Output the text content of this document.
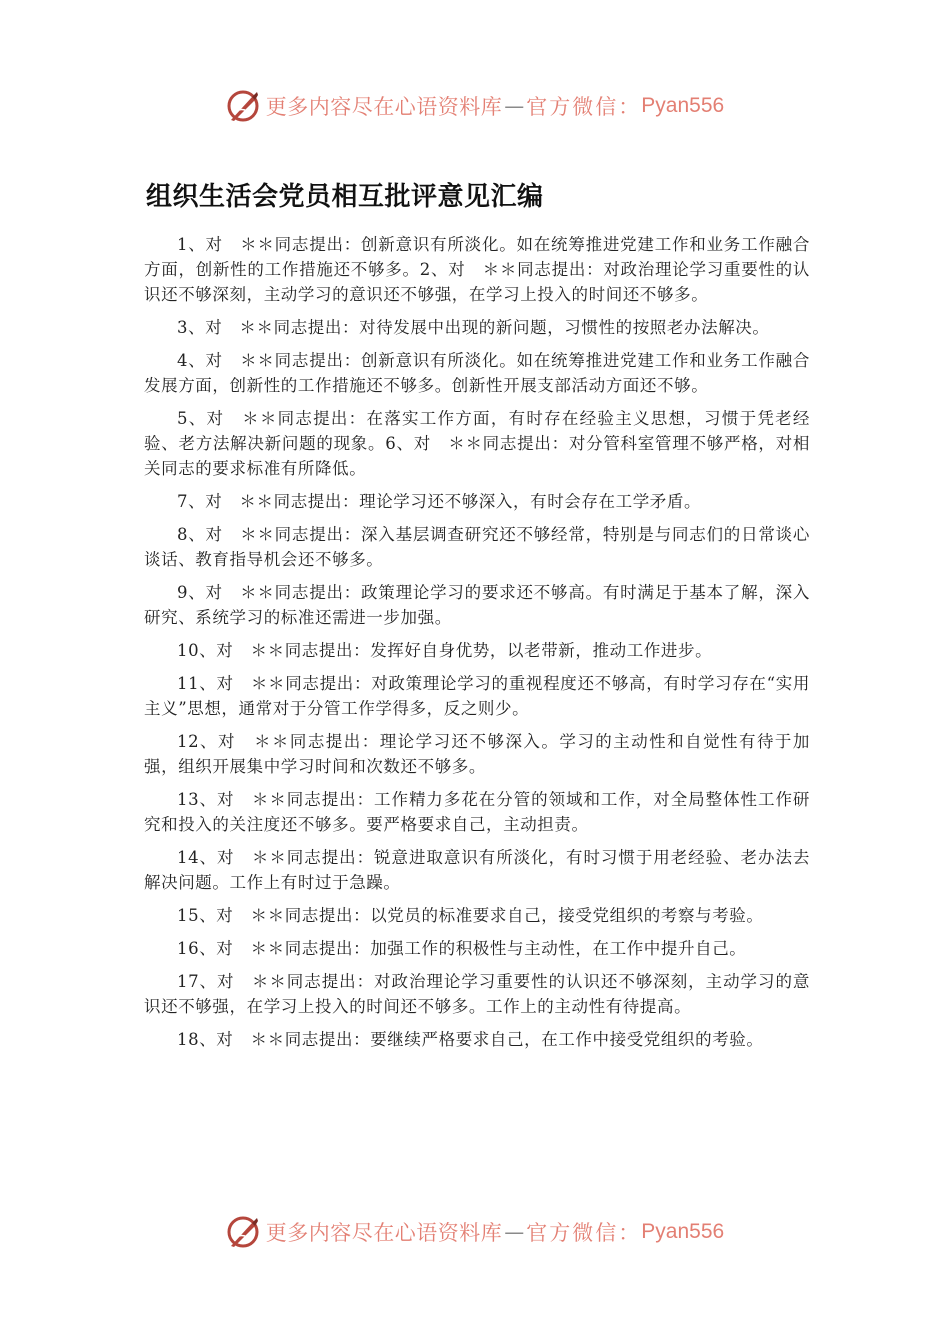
更多内容尽在心语资料库 — 官方微信： Pyan556
组织生活会党员相互批评意见汇编

1、对　＊＊同志提出：创新意识有所淡化。如在统筹推进党建工作和业务工作融合方面，创新性的工作措施还不够多。2、对　＊＊同志提出：对政治理论学习重要性的认识还不够深刻，主动学习的意识还不够强，在学习上投入的时间还不够多。

3、对　＊＊同志提出：对待发展中出现的新问题，习惯性的按照老办法解决。

4、对　＊＊同志提出：创新意识有所淡化。如在统筹推进党建工作和业务工作融合发展方面，创新性的工作措施还不够多。创新性开展支部活动方面还不够。

5、对　＊＊同志提出：在落实工作方面，有时存在经验主义思想，习惯于凭老经验、老方法解决新问题的现象。6、对　＊＊同志提出：对分管科室管理不够严格，对相关同志的要求标准有所降低。

7、对　＊＊同志提出：理论学习还不够深入，有时会存在工学矛盾。

8、对　＊＊同志提出：深入基层调查研究还不够经常，特别是与同志们的日常谈心谈话、教育指导机会还不够多。

9、对　＊＊同志提出：政策理论学习的要求还不够高。有时满足于基本了解，深入研究、系统学习的标准还需进一步加强。

10、对　＊＊同志提出：发挥好自身优势，以老带新，推动工作进步。

11、对　＊＊同志提出：对政策理论学习的重视程度还不够高，有时学习存在“实用主义”思想，通常对于分管工作学得多，反之则少。

12、对　＊＊同志提出：理论学习还不够深入。学习的主动性和自觉性有待于加强，组织开展集中学习时间和次数还不够多。

13、对　＊＊同志提出：工作精力多花在分管的领域和工作，对全局整体性工作研究和投入的关注度还不够多。要严格要求自己，主动担责。

14、对　＊＊同志提出：锐意进取意识有所淡化，有时习惯于用老经验、老办法去解决问题。工作上有时过于急躁。

15、对　＊＊同志提出：以党员的标准要求自己，接受党组织的考察与考验。

16、对　＊＊同志提出：加强工作的积极性与主动性，在工作中提升自己。

17、对　＊＊同志提出：对政治理论学习重要性的认识还不够深刻，主动学习的意识还不够强，在学习上投入的时间还不够多。工作上的主动性有待提高。

18、对　＊＊同志提出：要继续严格要求自己，在工作中接受党组织的考验。

更多内容尽在心语资料库 — 官方微信： Pyan556
